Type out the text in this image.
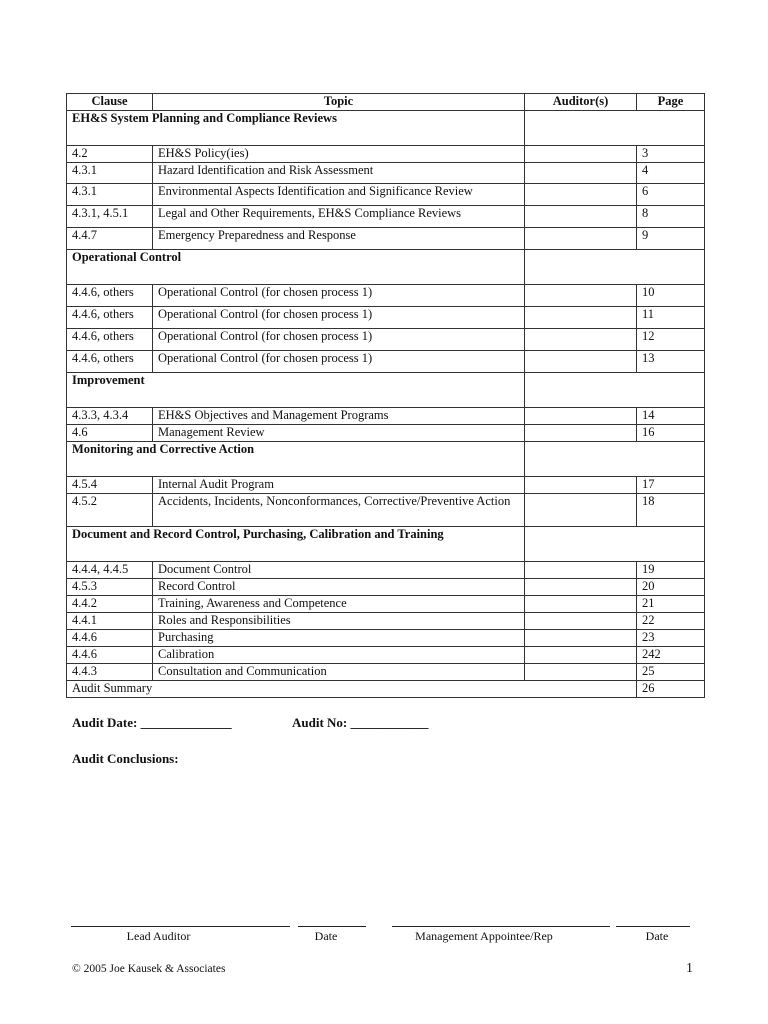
Clause	Topic	Auditor(s)	Page
EH&S System Planning and Compliance Reviews			
4.2	EH&S Policy(ies)		3
4.3.1	Hazard Identification and Risk Assessment		4
4.3.1	Environmental Aspects Identification and Significance Review		6
4.3.1, 4.5.1	Legal and Other Requirements, EH&S Compliance Reviews		8
4.4.7	Emergency Preparedness and Response		9
Operational Control			
4.4.6, others	Operational Control (for chosen process 1)		10
4.4.6, others	Operational Control (for chosen process 1)		11
4.4.6, others	Operational Control (for chosen process 1)		12
4.4.6, others	Operational Control (for chosen process 1)		13
Improvement			
4.3.3, 4.3.4	EH&S Objectives and Management Programs		14
4.6	Management Review		16
Monitoring and Corrective Action			
4.5.4	Internal Audit Program		17
4.5.2	Accidents, Incidents, Nonconformances, Corrective/Preventive Action		18
Document and Record Control, Purchasing, Calibration and Training			
4.4.4, 4.4.5	Document Control		19
4.5.3	Record Control		20
4.4.2	Training, Awareness and Competence		21
4.4.1	Roles and Responsibilities		22
4.4.6	Purchasing		23
4.4.6	Calibration		242
4.4.3	Consultation and Communication		25
Audit Summary			26
Audit Date: ______________	Audit No: ____________
Audit Conclusions:
Lead Auditor	Date	Management Appointee/Rep	Date
© 2005 Joe Kausek & Associates	1
